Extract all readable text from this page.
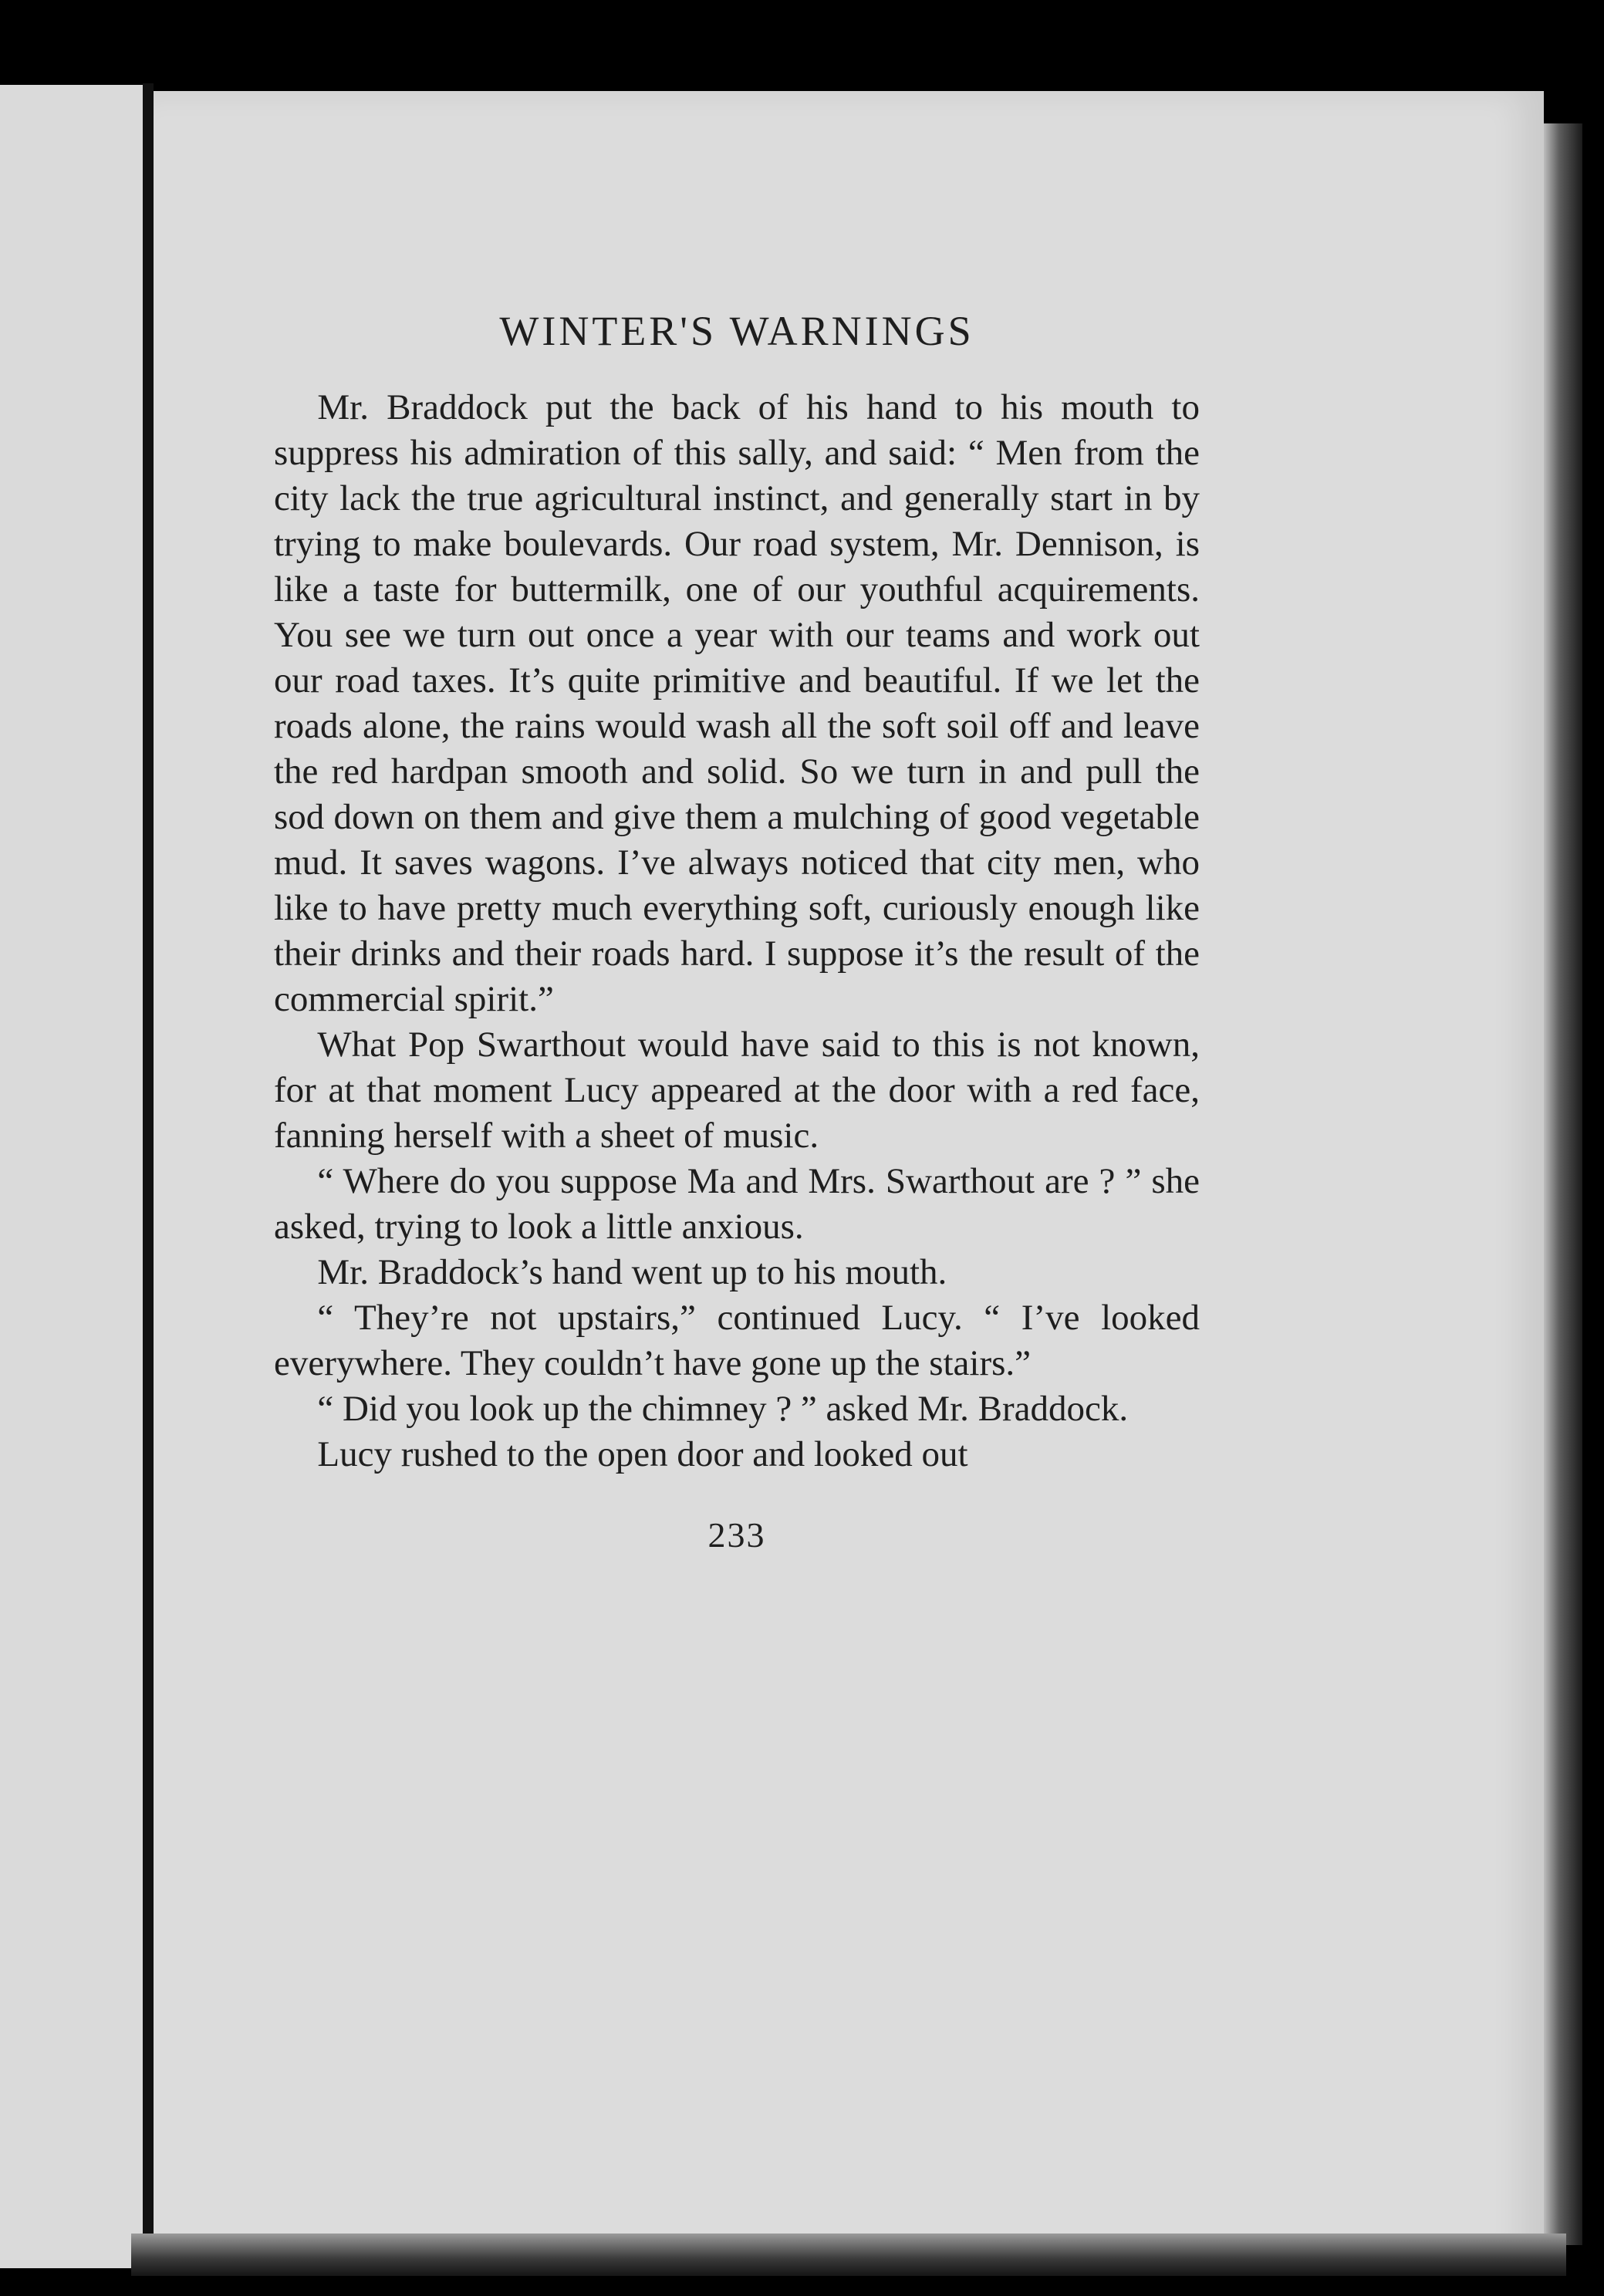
WINTER'S WARNINGS

Mr. Braddock put the back of his hand to his mouth to suppress his admiration of this sally, and said: “ Men from the city lack the true agricultural instinct, and generally start in by trying to make boulevards. Our road system, Mr. Dennison, is like a taste for buttermilk, one of our youthful acquirements. You see we turn out once a year with our teams and work out our road taxes. It’s quite primitive and beautiful. If we let the roads alone, the rains would wash all the soft soil off and leave the red hardpan smooth and solid. So we turn in and pull the sod down on them and give them a mulching of good vegetable mud. It saves wagons. I’ve always noticed that city men, who like to have pretty much everything soft, curiously enough like their drinks and their roads hard. I suppose it’s the result of the commercial spirit.”

What Pop Swarthout would have said to this is not known, for at that moment Lucy appeared at the door with a red face, fanning herself with a sheet of music.

“ Where do you suppose Ma and Mrs. Swarthout are ? ” she asked, trying to look a little anxious.

Mr. Braddock’s hand went up to his mouth.

“ They’re not upstairs,” continued Lucy. “ I’ve looked everywhere. They couldn’t have gone up the stairs.”

“ Did you look up the chimney ? ” asked Mr. Braddock.

Lucy rushed to the open door and looked out

233
